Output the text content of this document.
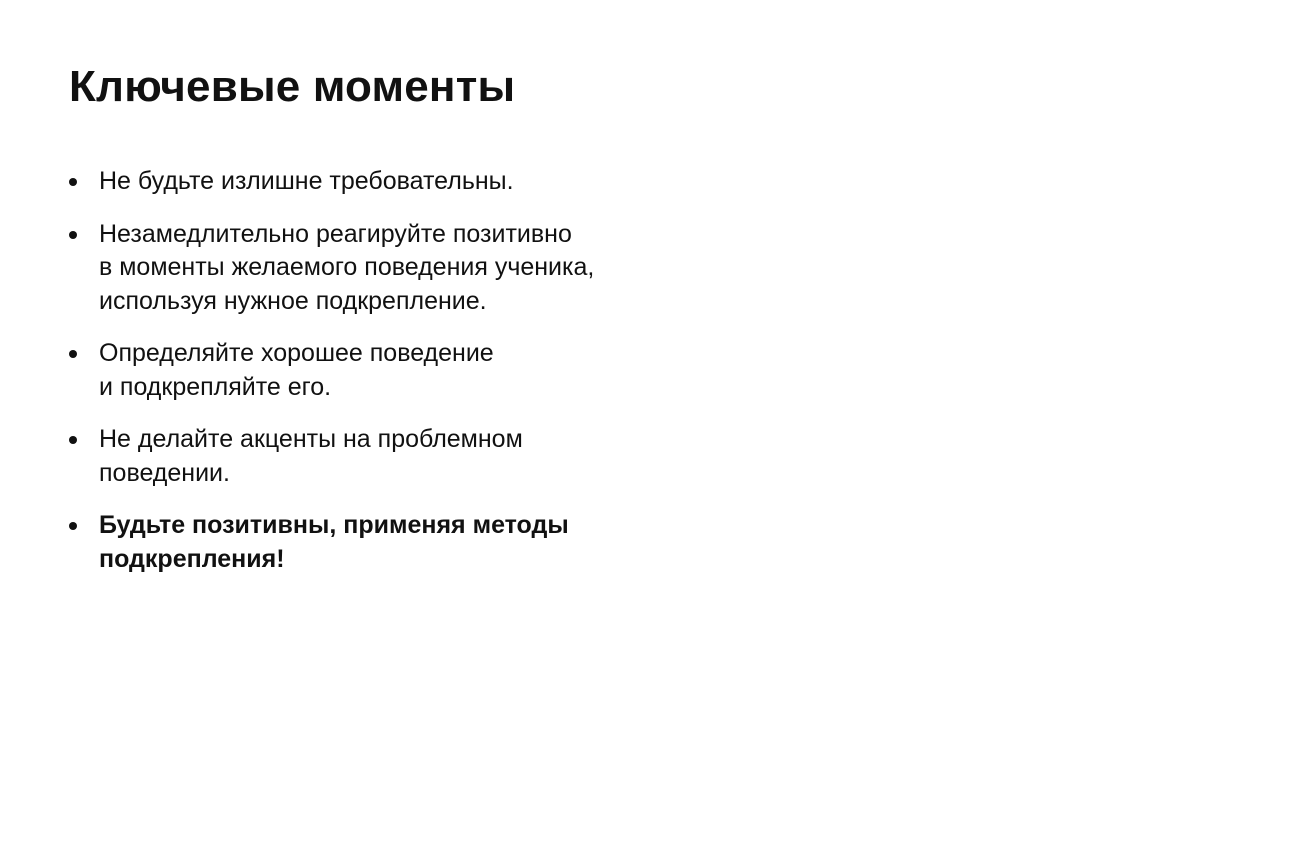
Ключевые моменты
Не будьте излишне требовательны.
Незамедлительно реагируйте позитивно
в моменты желаемого поведения ученика,
используя нужное подкрепление.
Определяйте хорошее поведение
и подкрепляйте его.
Не делайте акценты на проблемном
поведении.
Будьте позитивны, применяя методы
подкрепления!
